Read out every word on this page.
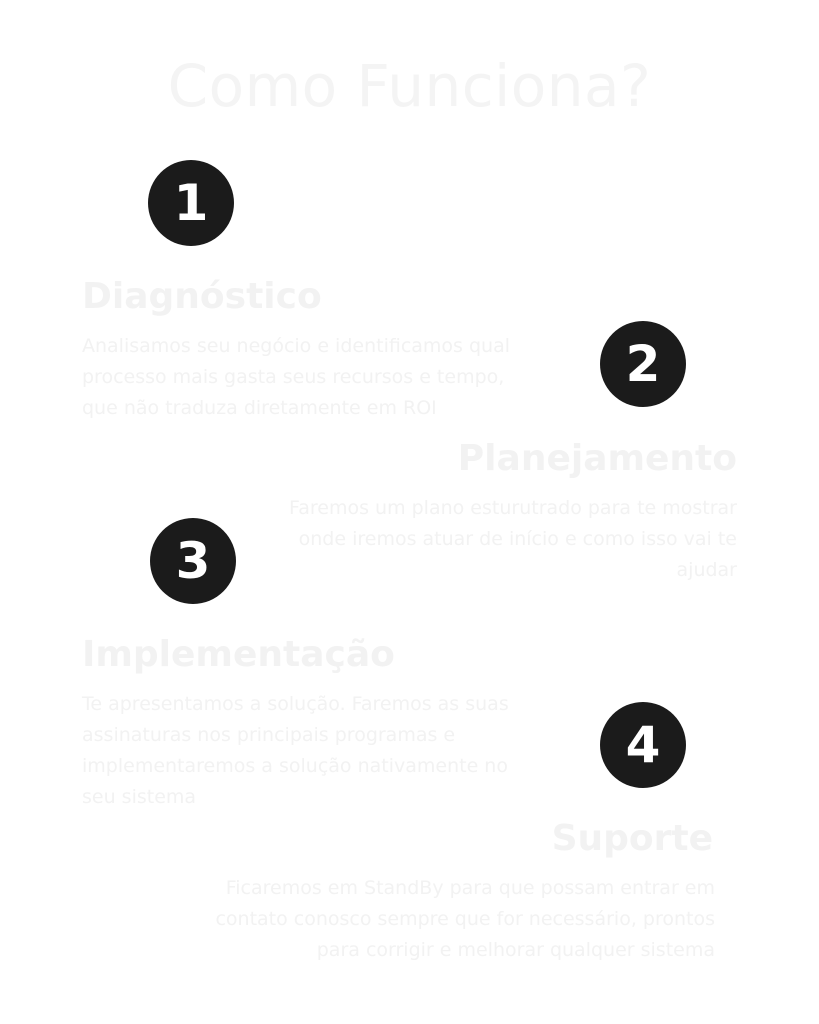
Como Funciona?
1
Diagnóstico

Analisamos seu negócio e identificamos qual processo mais gasta seus recursos e tempo, que não traduza diretamente em ROI

2
Planejamento

Faremos um plano esturutrado para te mostrar onde iremos atuar de início e como isso vai te ajudar

3
Implementação

Te apresentamos a solução. Faremos as suas assinaturas nos principais programas e implementaremos a solução nativamente no seu sistema

4
Suporte

Ficaremos em StandBy para que possam entrar em contato conosco sempre que for necessário, prontos para corrigir e melhorar qualquer sistema
